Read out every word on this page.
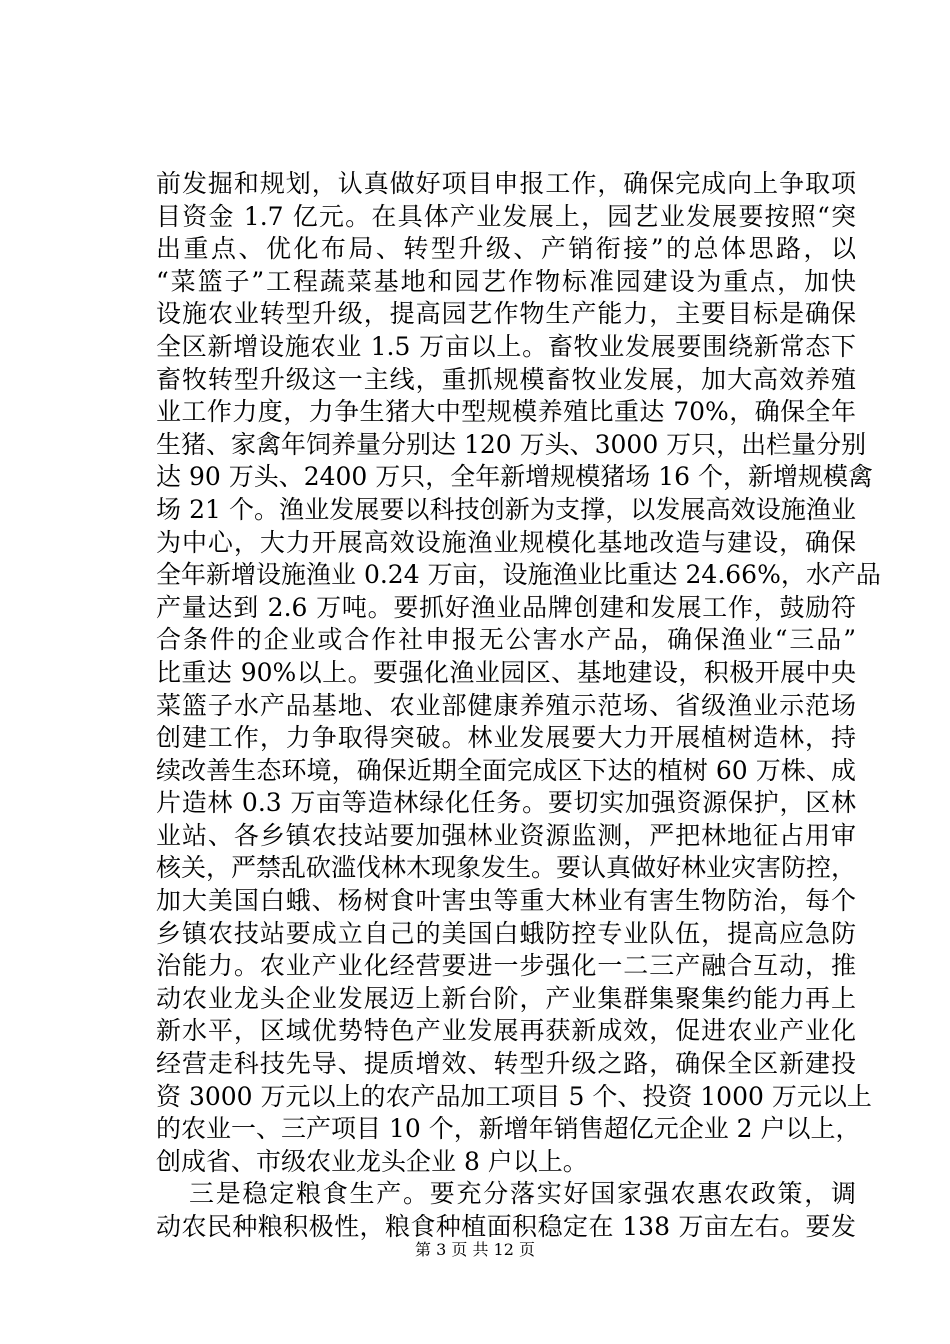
前发掘和规划，认真做好项目申报工作，确保完成向上争取项
目资金 1.7 亿元。在具体产业发展上，园艺业发展要按照“突
出重点、优化布局、转型升级、产销衔接”的总体思路，以
“菜篮子”工程蔬菜基地和园艺作物标准园建设为重点，加快
设施农业转型升级，提高园艺作物生产能力，主要目标是确保
全区新增设施农业 1.5 万亩以上。畜牧业发展要围绕新常态下
畜牧转型升级这一主线，重抓规模畜牧业发展，加大高效养殖
业工作力度，力争生猪大中型规模养殖比重达 70%，确保全年
生猪、家禽年饲养量分别达 120 万头、3000 万只，出栏量分别
达 90 万头、2400 万只，全年新增规模猪场 16 个，新增规模禽
场 21 个。渔业发展要以科技创新为支撑，以发展高效设施渔业
为中心，大力开展高效设施渔业规模化基地改造与建设，确保
全年新增设施渔业 0.24 万亩，设施渔业比重达 24.66%，水产品
产量达到 2.6 万吨。要抓好渔业品牌创建和发展工作，鼓励符
合条件的企业或合作社申报无公害水产品，确保渔业“三品”
比重达 90%以上。要强化渔业园区、基地建设，积极开展中央
菜篮子水产品基地、农业部健康养殖示范场、省级渔业示范场
创建工作，力争取得突破。林业发展要大力开展植树造林，持
续改善生态环境，确保近期全面完成区下达的植树 60 万株、成
片造林 0.3 万亩等造林绿化任务。要切实加强资源保护，区林
业站、各乡镇农技站要加强林业资源监测，严把林地征占用审
核关，严禁乱砍滥伐林木现象发生。要认真做好林业灾害防控，
加大美国白蛾、杨树食叶害虫等重大林业有害生物防治，每个
乡镇农技站要成立自己的美国白蛾防控专业队伍，提高应急防
治能力。农业产业化经营要进一步强化一二三产融合互动，推
动农业龙头企业发展迈上新台阶，产业集群集聚集约能力再上
新水平，区域优势特色产业发展再获新成效，促进农业产业化
经营走科技先导、提质增效、转型升级之路，确保全区新建投
资 3000 万元以上的农产品加工项目 5 个、投资 1000 万元以上
的农业一、三产项目 10 个，新增年销售超亿元企业 2 户以上，
创成省、市级农业龙头企业 8 户以上。
三是稳定粮食生产。要充分落实好国家强农惠农政策，调
动农民种粮积极性，粮食种植面积稳定在 138 万亩左右。要发
第 3 页 共 12 页
